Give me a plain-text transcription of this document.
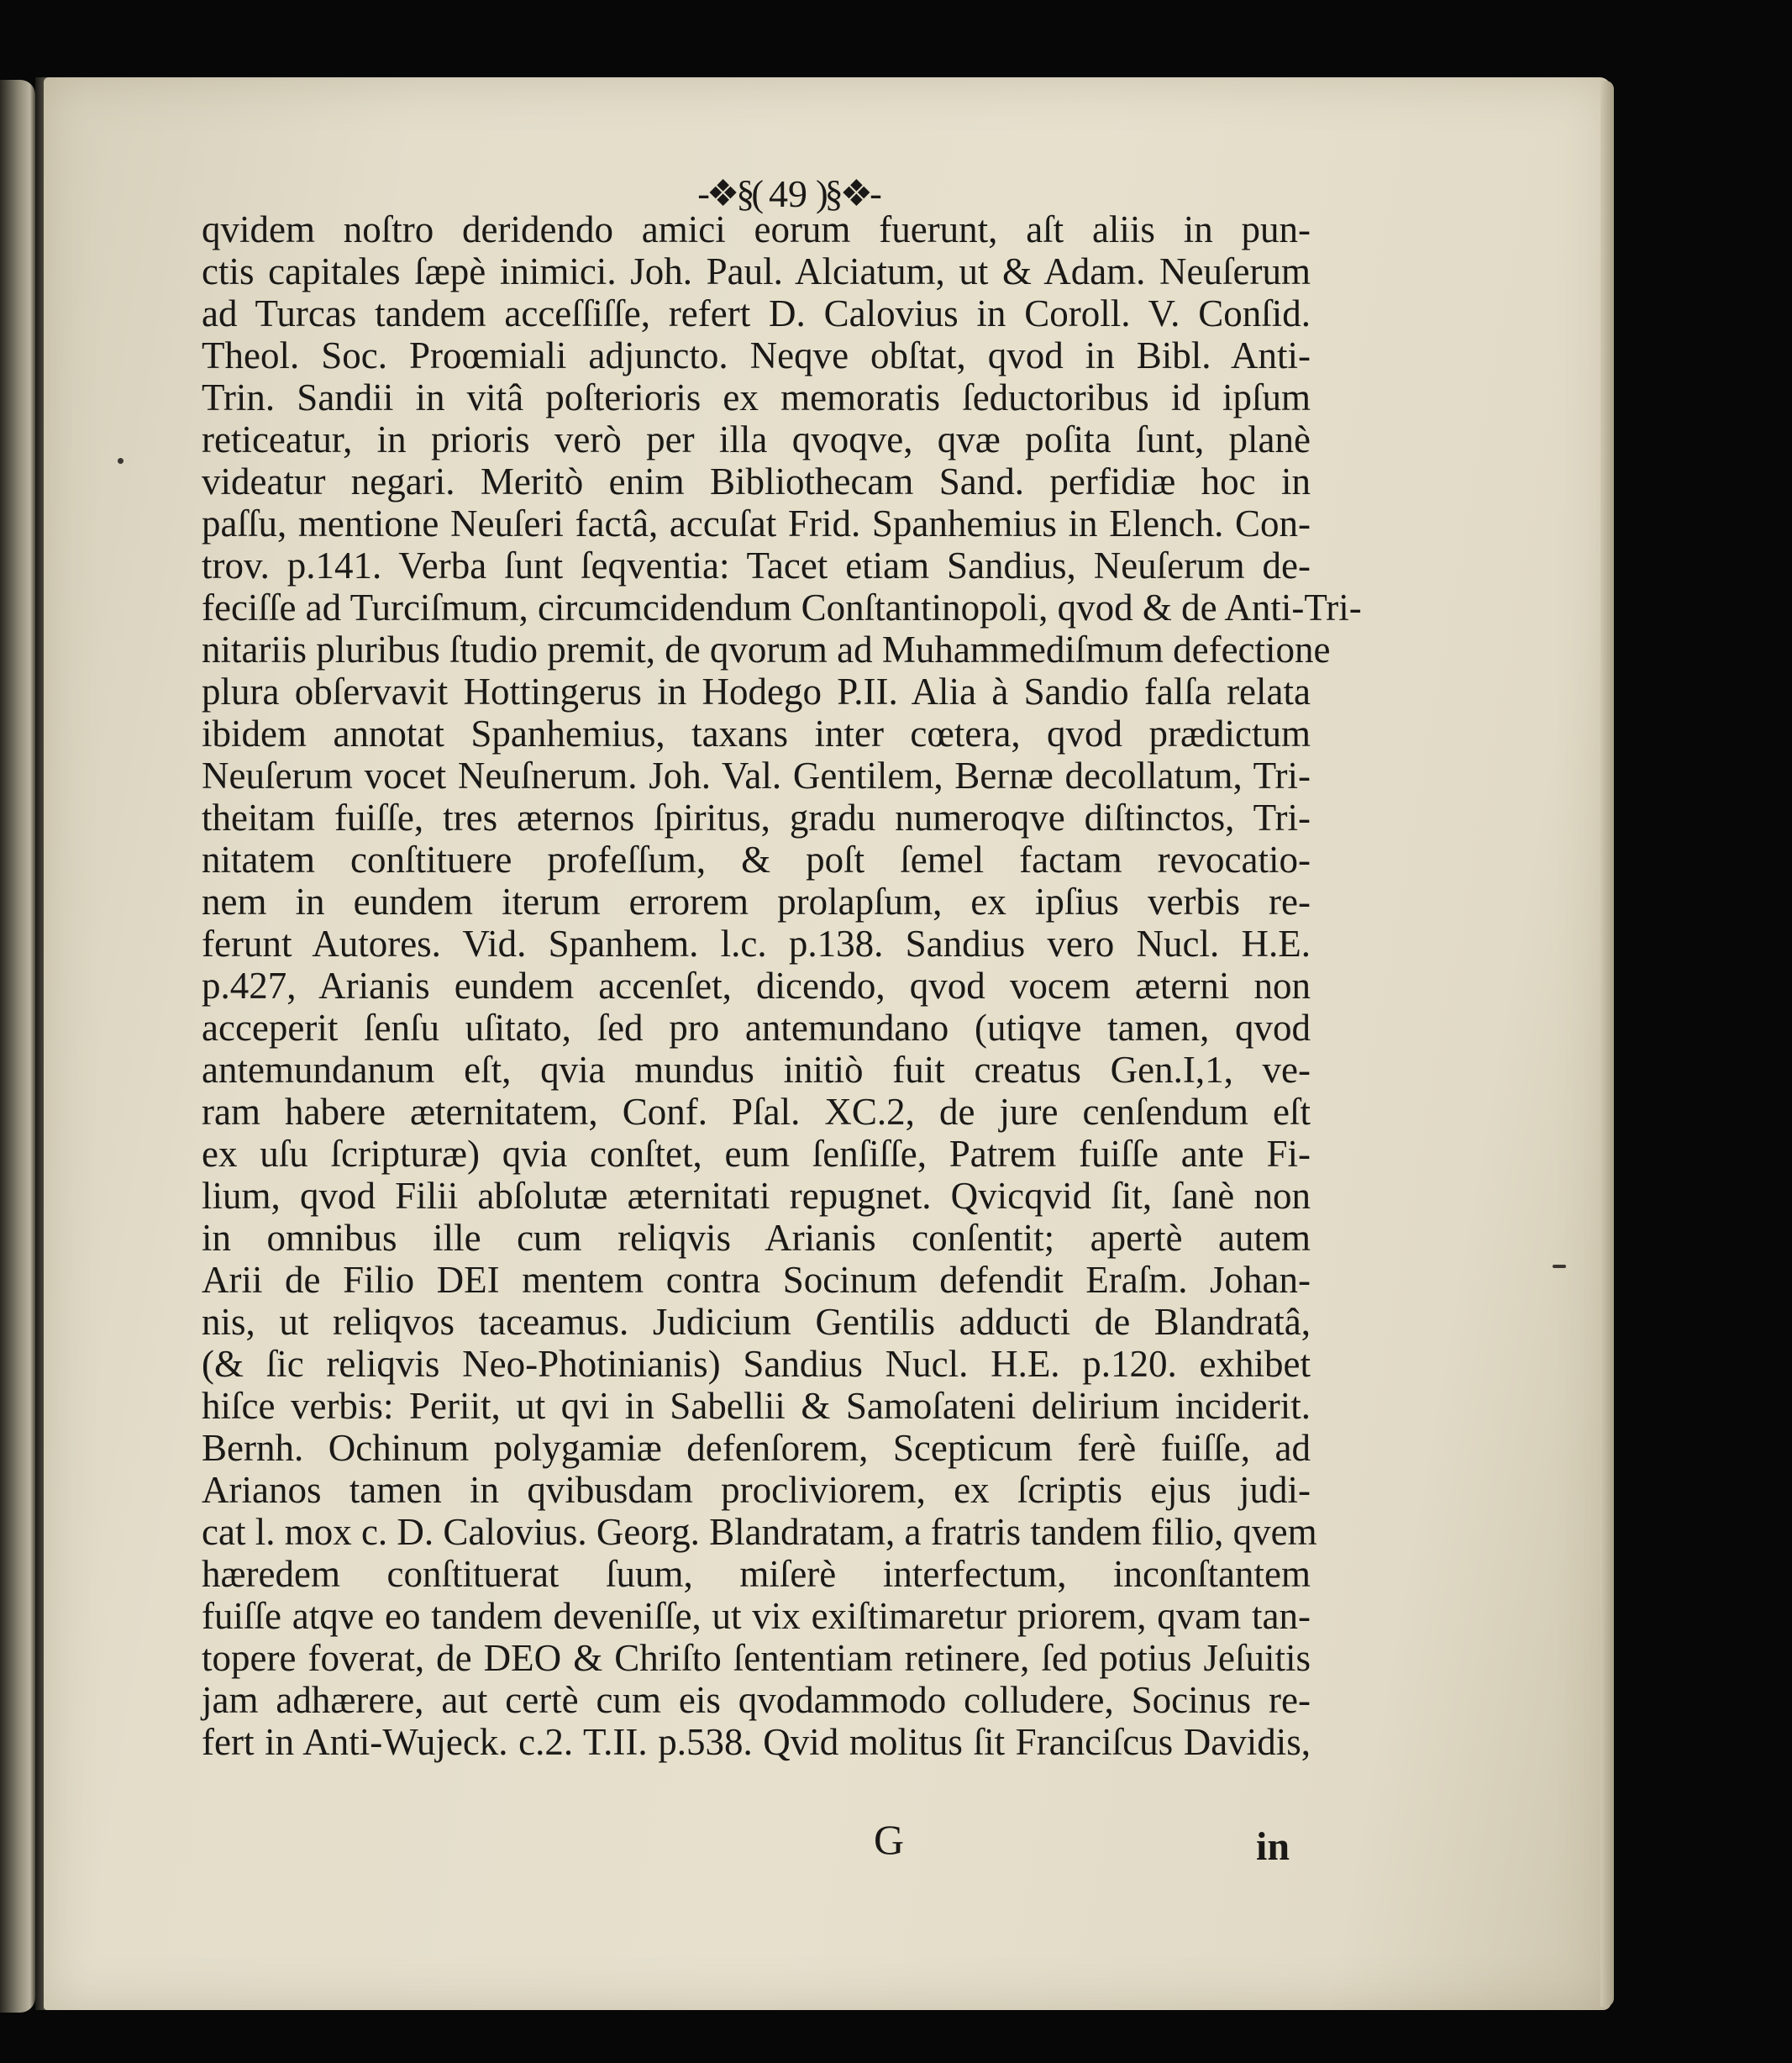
-❖§( 49 )§❖-
qvidem noſtro deridendo amici eorum fuerunt, aſt aliis in pun-
ctis capitales ſæpè inimici. Joh. Paul. Alciatum, ut & Adam. Neuſerum
ad Turcas tandem acceſſiſſe, refert D. Calovius in Coroll. V. Conſid.
Theol. Soc. Proœmiali adjuncto. Neqve obſtat, qvod in Bibl. Anti-
Trin. Sandii in vitâ poſterioris ex memoratis ſeductoribus id ipſum
reticeatur, in prioris verò per illa qvoqve, qvæ poſita ſunt, planè
videatur negari. Meritò enim Bibliothecam Sand. perfidiæ hoc in
paſſu, mentione Neuſeri factâ, accuſat Frid. Spanhemius in Elench. Con-
trov. p.141. Verba ſunt ſeqventia: Tacet etiam Sandius, Neuſerum de-
feciſſe ad Turciſmum, circumcidendum Conſtantinopoli, qvod & de Anti-Tri-
nitariis pluribus ſtudio premit, de qvorum ad Muhammediſmum defectione
plura obſervavit Hottingerus in Hodego P.II. Alia à Sandio falſa relata
ibidem annotat Spanhemius, taxans inter cœtera, qvod prædictum
Neuſerum vocet Neuſnerum. Joh. Val. Gentilem, Bernæ decollatum, Tri-
theitam fuiſſe, tres æternos ſpiritus, gradu numeroqve diſtinctos, Tri-
nitatem conſtituere profeſſum, & poſt ſemel factam revocatio-
nem in eundem iterum errorem prolapſum, ex ipſius verbis re-
ferunt Autores. Vid. Spanhem. l.c. p.138. Sandius vero Nucl. H.E.
p.427, Arianis eundem accenſet, dicendo, qvod vocem æterni non
acceperit ſenſu uſitato, ſed pro antemundano (utiqve tamen, qvod
antemundanum eſt, qvia mundus initiò fuit creatus Gen.I,1, ve-
ram habere æternitatem, Conf. Pſal. XC.2, de jure cenſendum eſt
ex uſu ſcripturæ) qvia conſtet, eum ſenſiſſe, Patrem fuiſſe ante Fi-
lium, qvod Filii abſolutæ æternitati repugnet. Qvicqvid ſit, ſanè non
in omnibus ille cum reliqvis Arianis conſentit; apertè autem
Arii de Filio DEI mentem contra Socinum defendit Eraſm. Johan-
nis, ut reliqvos taceamus. Judicium Gentilis adducti de Blandratâ,
(& ſic reliqvis Neo-Photinianis) Sandius Nucl. H.E. p.120. exhibet
hiſce verbis: Periit, ut qvi in Sabellii & Samoſateni delirium inciderit.
Bernh. Ochinum polygamiæ defenſorem, Scepticum ferè fuiſſe, ad
Arianos tamen in qvibusdam procliviorem, ex ſcriptis ejus judi-
cat l. mox c. D. Calovius. Georg. Blandratam, a fratris tandem filio, qvem
hæredem conſtituerat ſuum, miſerè interfectum, inconſtantem
fuiſſe atqve eo tandem deveniſſe, ut vix exiſtimaretur priorem, qvam tan-
topere foverat, de DEO & Chriſto ſententiam retinere, ſed potius Jeſuitis
jam adhærere, aut certè cum eis qvodammodo colludere, Socinus re-
fert in Anti-Wujeck. c.2. T.II. p.538. Qvid molitus ſit Franciſcus Davidis,
G	in
